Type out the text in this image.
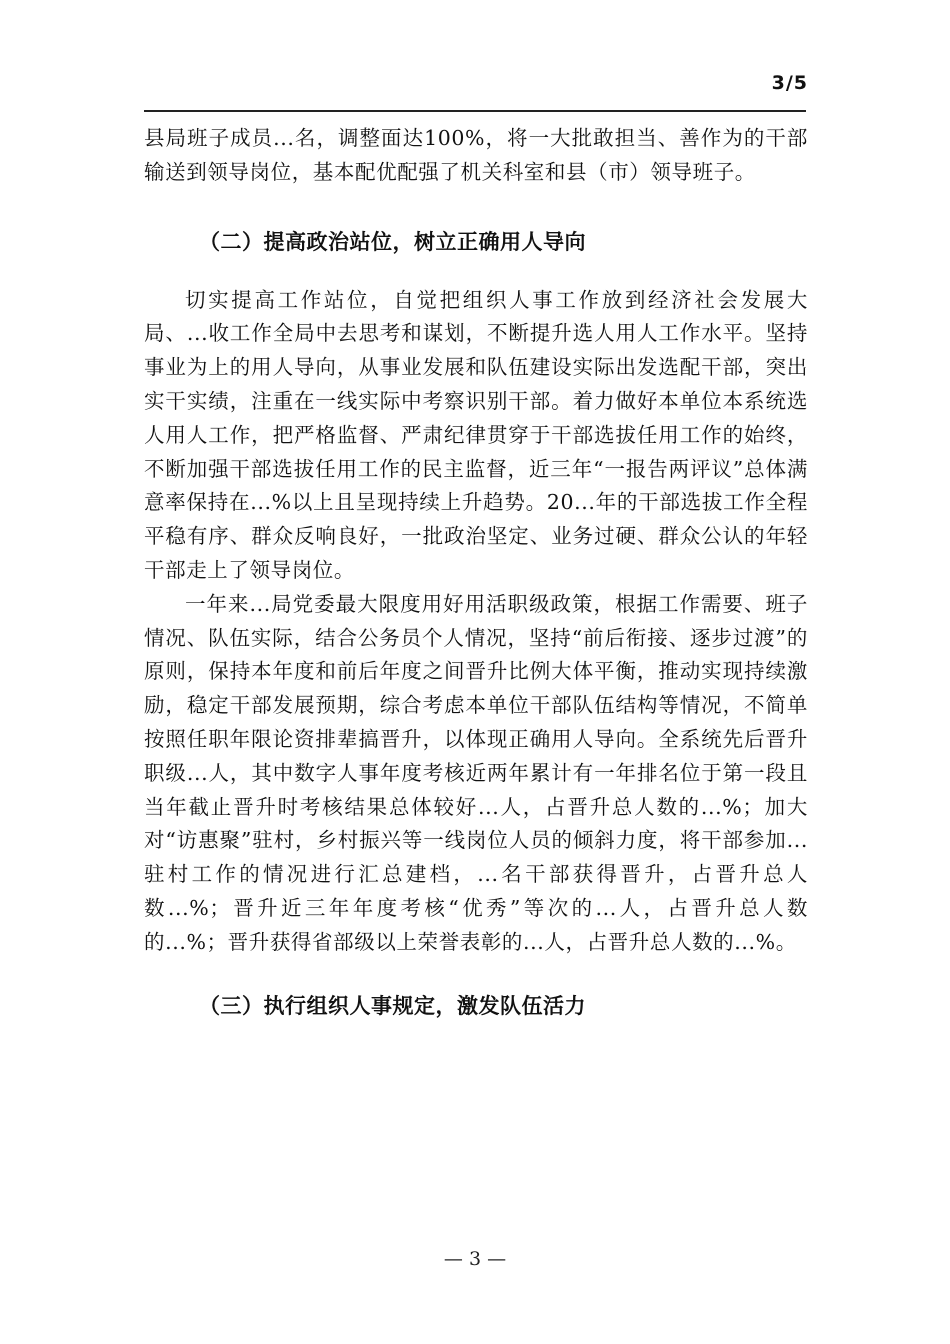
3/5

县局班子成员...名，调整面达100%，将一大批敢担当、善作为的干部输送到领导岗位，基本配优配强了机关科室和县（市）领导班子。

（二）提高政治站位，树立正确用人导向

切实提高工作站位，自觉把组织人事工作放到经济社会发展大局、...收工作全局中去思考和谋划，不断提升选人用人工作水平。坚持事业为上的用人导向，从事业发展和队伍建设实际出发选配干部，突出实干实绩，注重在一线实际中考察识别干部。着力做好本单位本系统选人用人工作，把严格监督、严肃纪律贯穿于干部选拔任用工作的始终，不断加强干部选拔任用工作的民主监督，近三年“一报告两评议”总体满意率保持在...%以上且呈现持续上升趋势。20...年的干部选拔工作全程平稳有序、群众反响良好，一批政治坚定、业务过硬、群众公认的年轻干部走上了领导岗位。

一年来...局党委最大限度用好用活职级政策，根据工作需要、班子情况、队伍实际，结合公务员个人情况，坚持“前后衔接、逐步过渡”的原则，保持本年度和前后年度之间晋升比例大体平衡，推动实现持续激励，稳定干部发展预期，综合考虑本单位干部队伍结构等情况，不简单按照任职年限论资排辈搞晋升，以体现正确用人导向。全系统先后晋升职级...人，其中数字人事年度考核近两年累计有一年排名位于第一段且当年截止晋升时考核结果总体较好...人，占晋升总人数的...%；加大对“访惠聚”驻村，乡村振兴等一线岗位人员的倾斜力度，将干部参加...驻村工作的情况进行汇总建档，...名干部获得晋升，占晋升总人数...%；晋升近三年年度考核“优秀”等次的...人，占晋升总人数的...%；晋升获得省部级以上荣誉表彰的...人，占晋升总人数的...%。

（三）执行组织人事规定，激发队伍活力

— 3 —
